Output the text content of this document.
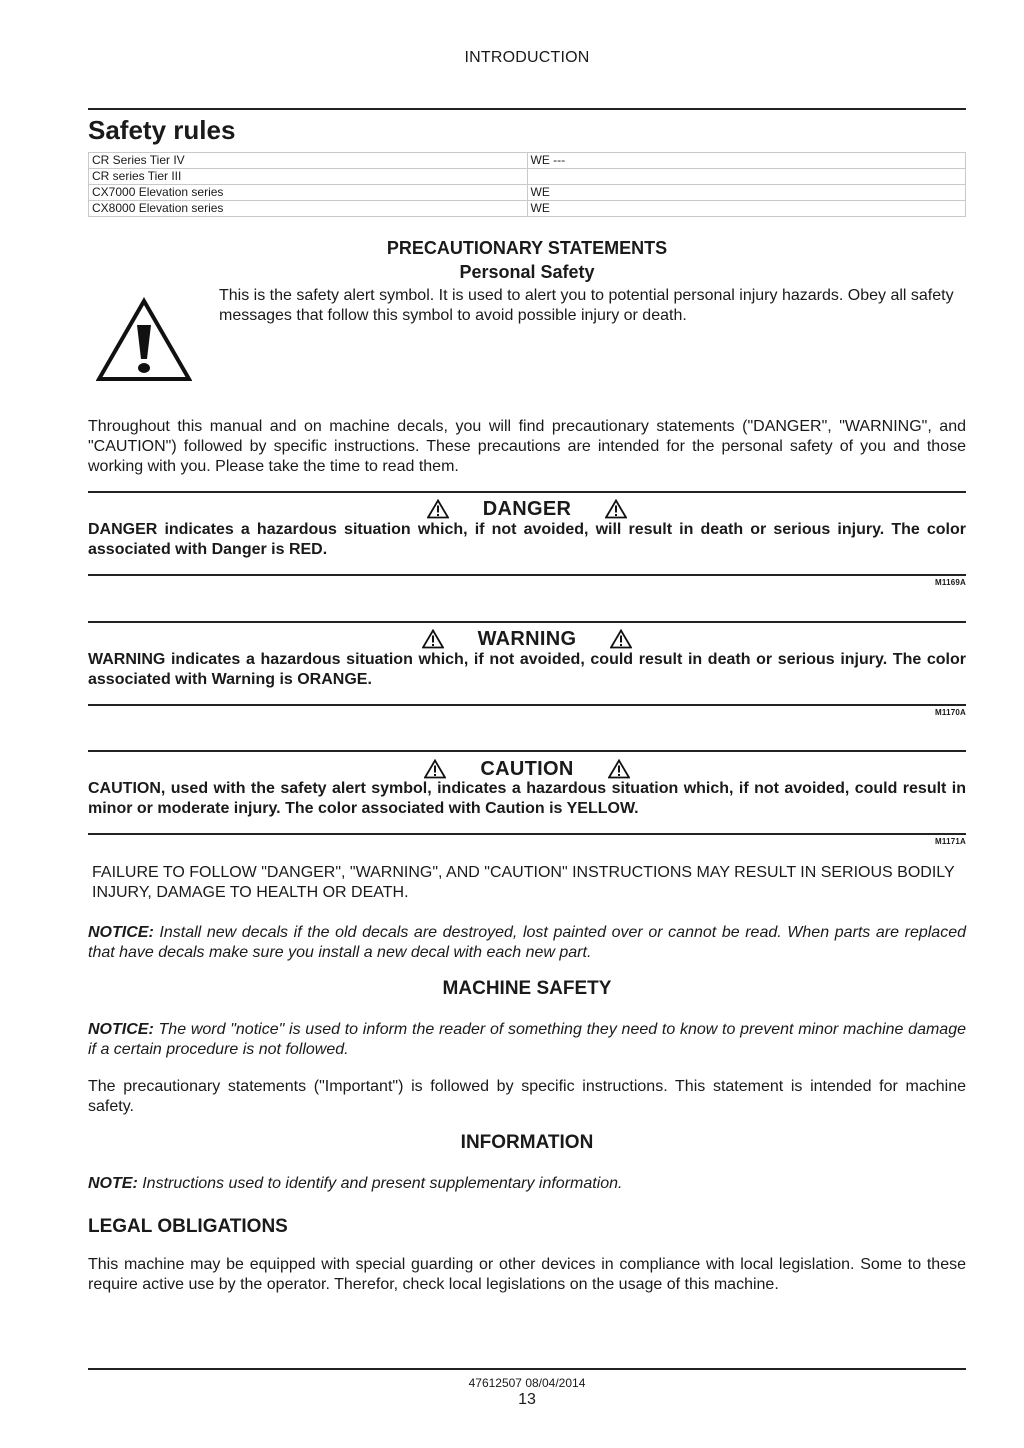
INTRODUCTION
Safety rules
CR Series Tier IV	WE ---
CR series Tier III	
CX7000 Elevation series	WE
CX8000 Elevation series	WE
PRECAUTIONARY STATEMENTS
Personal Safety

This is the safety alert symbol. It is used to alert you to potential personal injury hazards. Obey all safety messages that follow this symbol to avoid possible injury or death.

Throughout this manual and on machine decals, you will find precautionary statements ("DANGER", "WARNING", and "CAUTION") followed by specific instructions. These precautions are intended for the personal safety of you and those working with you. Please take the time to read them.

DANGER

DANGER indicates a hazardous situation which, if not avoided, will result in death or serious injury. The color associated with Danger is RED.

M1169A
WARNING

WARNING indicates a hazardous situation which, if not avoided, could result in death or serious injury. The color associated with Warning is ORANGE.

M1170A
CAUTION

CAUTION, used with the safety alert symbol, indicates a hazardous situation which, if not avoided, could result in minor or moderate injury. The color associated with Caution is YELLOW.

M1171A

FAILURE TO FOLLOW "DANGER", "WARNING", AND "CAUTION" INSTRUCTIONS MAY RESULT IN SERIOUS BODILY INJURY, DAMAGE TO HEALTH OR DEATH.

NOTICE: Install new decals if the old decals are destroyed, lost painted over or cannot be read. When parts are replaced that have decals make sure you install a new decal with each new part.

MACHINE SAFETY

NOTICE: The word "notice" is used to inform the reader of something they need to know to prevent minor machine damage if a certain procedure is not followed.

The precautionary statements ("Important") is followed by specific instructions. This statement is intended for machine safety.

INFORMATION

NOTE: Instructions used to identify and present supplementary information.

LEGAL OBLIGATIONS

This machine may be equipped with special guarding or other devices in compliance with local legislation. Some to these require active use by the operator. Therefor, check local legislations on the usage of this machine.

47612507 08/04/2014
13
